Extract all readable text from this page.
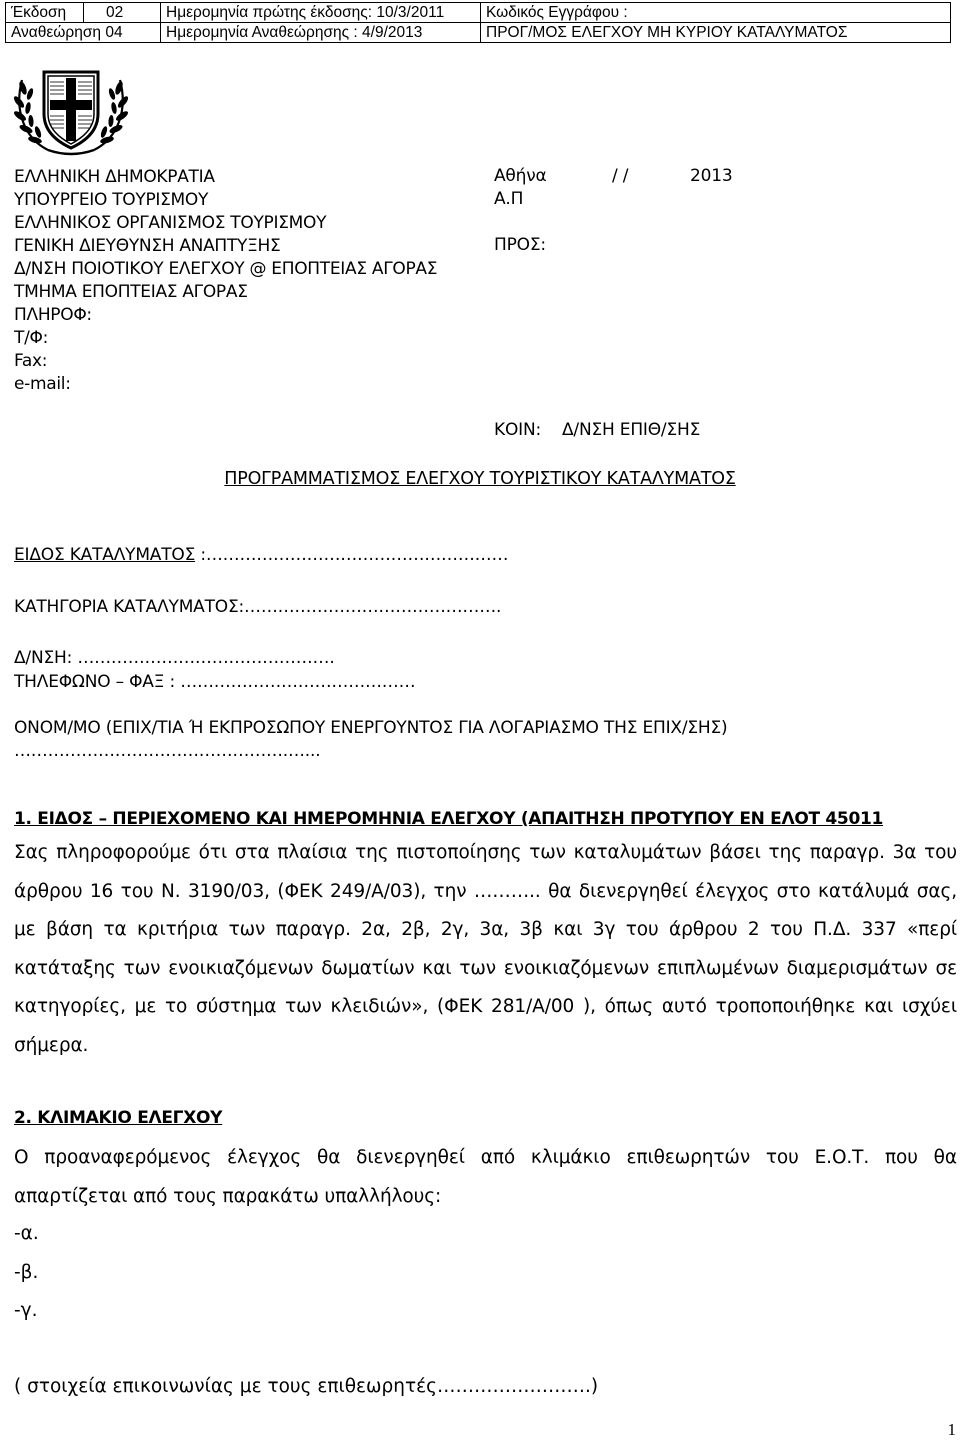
Έκδοση	02	Ημερομηνία πρώτης έκδοσης: 10/3/2011	Κωδικός Εγγράφου :
Αναθεώρηση 04		Ημερομηνία Αναθεώρησης : 4/9/2013	ΠΡΟΓ/ΜΟΣ ΕΛΕΓΧΟΥ ΜΗ ΚΥΡΙΟΥ ΚΑΤΑΛΥΜΑΤΟΣ
ΕΛΛΗΝΙΚΗ ΔΗΜΟΚΡΑΤΙΑ
ΥΠΟΥΡΓΕΙΟ ΤΟΥΡΙΣΜΟΥ
ΕΛΛΗΝΙΚΟΣ ΟΡΓΑΝΙΣΜΟΣ ΤΟΥΡΙΣΜΟΥ
ΓΕΝΙΚΗ ΔΙΕΥΘΥΝΣΗ ΑΝΑΠΤΥΞΗΣ
Δ/ΝΣΗ ΠΟΙΟΤΙΚΟΥ ΕΛΕΓΧΟΥ @ ΕΠΟΠΤΕΙΑΣ ΑΓΟΡΑΣ
ΤΜΗΜΑ ΕΠΟΠΤΕΙΑΣ ΑΓΟΡΑΣ
ΠΛΗΡΟΦ:
Τ/Φ:
Fax:
e-mail:
Αθήνα	/ /	2013
Α.Π
ΠΡΟΣ:
ΚΟΙΝ: Δ/ΝΣΗ ΕΠΙΘ/ΣΗΣ
ΠΡΟΓΡΑΜΜΑΤΙΣΜΟΣ ΕΛΕΓΧΟΥ ΤΟΥΡΙΣΤΙΚΟΥ ΚΑΤΑΛΥΜΑΤΟΣ
ΕΙΔΟΣ ΚΑΤΑΛΥΜΑΤΟΣ :………………………………………………
ΚΑΤΗΓΟΡΙΑ ΚΑΤΑΛΥΜΑΤΟΣ:……………………………………….
Δ/ΝΣΗ: ……………………………………….
ΤΗΛΕΦΩΝΟ – ΦΑΞ : ……………………………………
ΟΝΟΜ/ΜΟ (ΕΠΙΧ/ΤΙΑ Ή ΕΚΠΡΟΣΩΠΟΥ ΕΝΕΡΓΟΥΝΤΟΣ ΓΙΑ ΛΟΓΑΡΙΑΣΜΟ ΤΗΣ ΕΠΙΧ/ΣΗΣ)
………………………………………….…...
1. ΕΙΔΟΣ – ΠΕΡΙΕΧΟΜΕΝΟ ΚΑΙ ΗΜΕΡΟΜΗΝΙΑ ΕΛΕΓΧΟΥ (ΑΠΑΙΤΗΣΗ ΠΡΟΤΥΠΟΥ ΕΝ ΕΛΟΤ 45011
Σας πληροφορούμε ότι στα πλαίσια της πιστοποίησης των καταλυμάτων βάσει της παραγρ. 3α του άρθρου 16 του Ν. 3190/03, (ΦΕΚ 249/Α/03), την ……….. θα διενεργηθεί έλεγχος στο κατάλυμά σας, με βάση τα κριτήρια των παραγρ. 2α, 2β, 2γ, 3α, 3β και 3γ του άρθρου 2 του Π.Δ. 337 «περί κατάταξης των ενοικιαζόμενων δωματίων και των ενοικιαζόμενων επιπλωμένων διαμερισμάτων σε κατηγορίες, με το σύστημα των κλειδιών», (ΦΕΚ 281/Α/00 ), όπως αυτό τροποποιήθηκε και ισχύει σήμερα.
2. ΚΛΙΜΑΚΙΟ ΕΛΕΓΧΟΥ
Ο προαναφερόμενος έλεγχος θα διενεργηθεί από κλιμάκιο επιθεωρητών του Ε.Ο.Τ. που θα απαρτίζεται από τους παρακάτω υπαλλήλους:
-α.
-β.
-γ.
( στοιχεία επικοινωνίας με τους επιθεωρητές…………………….)
1
